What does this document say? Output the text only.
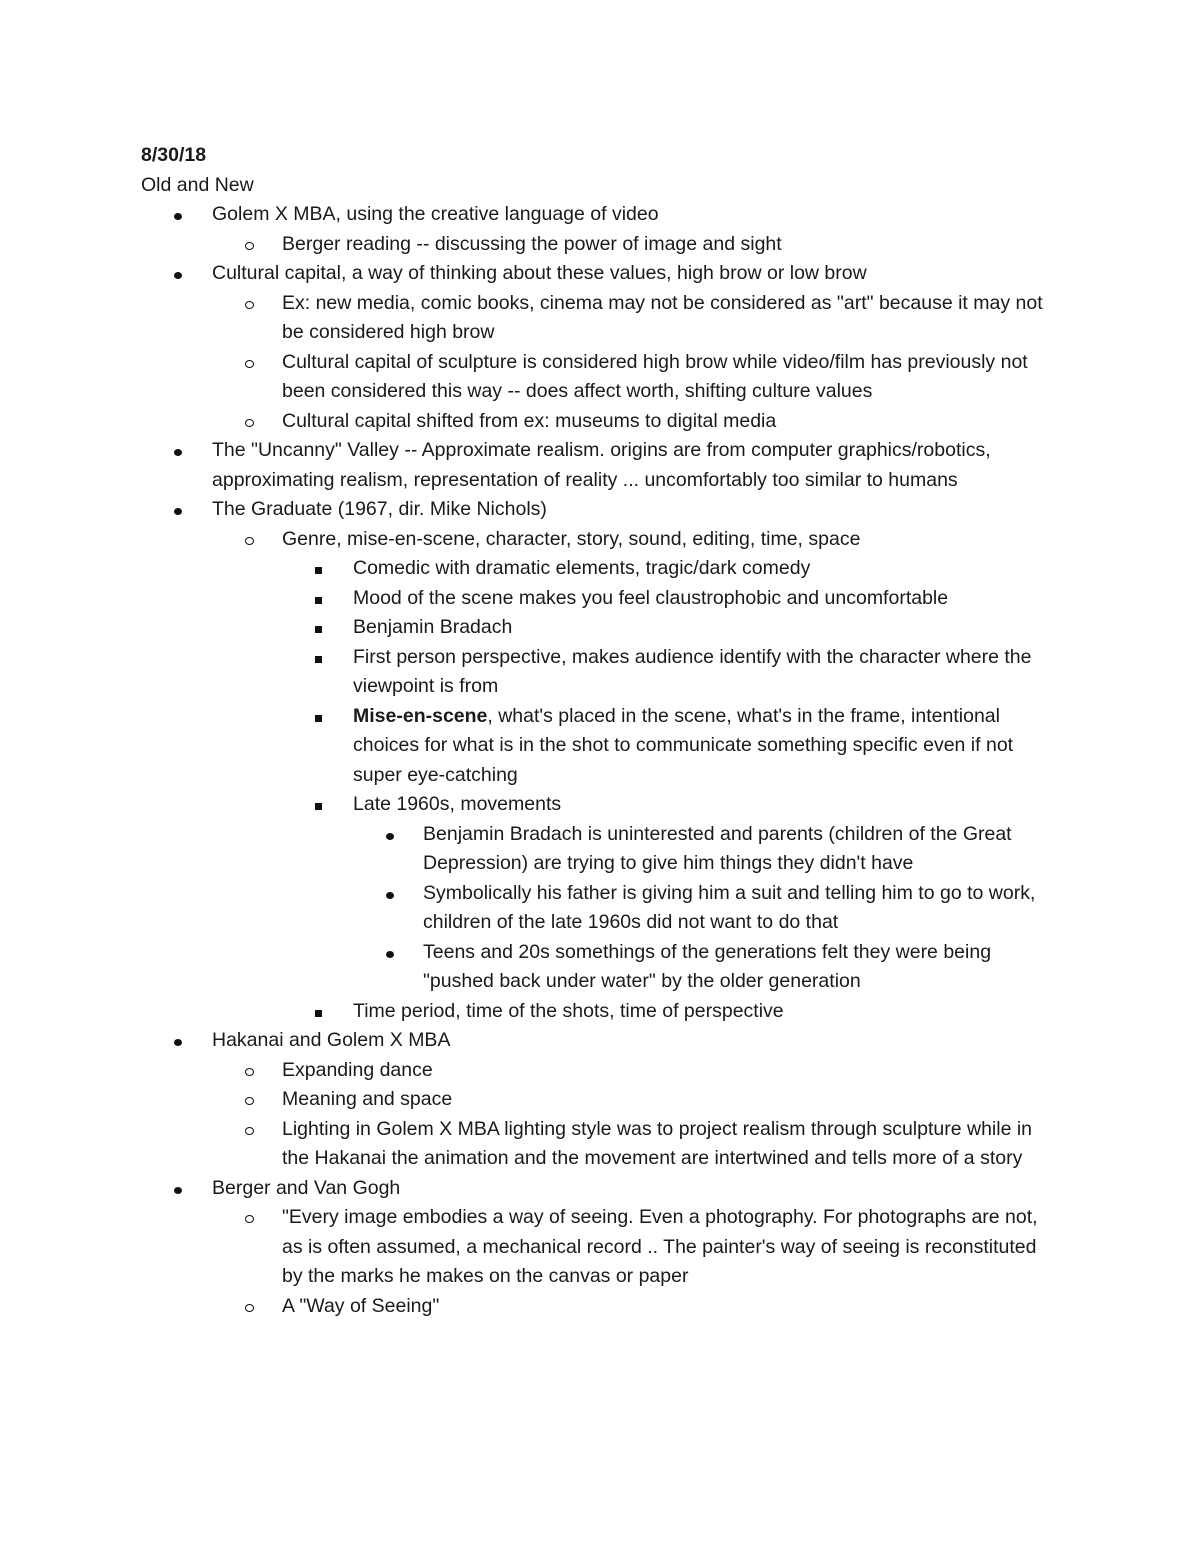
8/30/18
Old and New
Golem X MBA, using the creative language of video
Berger reading -- discussing the power of image and sight
Cultural capital, a way of thinking about these values, high brow or low brow
Ex: new media, comic books, cinema may not be considered as "art" because it may not be considered high brow
Cultural capital of sculpture is considered high brow while video/film has previously not been considered this way -- does affect worth, shifting culture values
Cultural capital shifted from ex: museums to digital media
The "Uncanny" Valley -- Approximate realism. origins are from computer graphics/robotics, approximating realism, representation of reality ... uncomfortably too similar to humans
The Graduate (1967, dir. Mike Nichols)
Genre, mise-en-scene, character, story, sound, editing, time, space
Comedic with dramatic elements, tragic/dark comedy
Mood of the scene makes you feel claustrophobic and uncomfortable
Benjamin Bradach
First person perspective, makes audience identify with the character where the viewpoint is from
Mise-en-scene, what's placed in the scene, what's in the frame, intentional choices for what is in the shot to communicate something specific even if not super eye-catching
Late 1960s, movements
Benjamin Bradach is uninterested and parents (children of the Great Depression) are trying to give him things they didn't have
Symbolically his father is giving him a suit and telling him to go to work, children of the late 1960s did not want to do that
Teens and 20s somethings of the generations felt they were being "pushed back under water" by the older generation
Time period, time of the shots, time of perspective
Hakanai and Golem X MBA
Expanding dance
Meaning and space
Lighting in Golem X MBA lighting style was to project realism through sculpture while in the Hakanai the animation and the movement are intertwined and tells more of a story
Berger and Van Gogh
"Every image embodies a way of seeing. Even a photography. For photographs are not, as is often assumed, a mechanical record .. The painter's way of seeing is reconstituted by the marks he makes on the canvas or paper
A "Way of Seeing"
